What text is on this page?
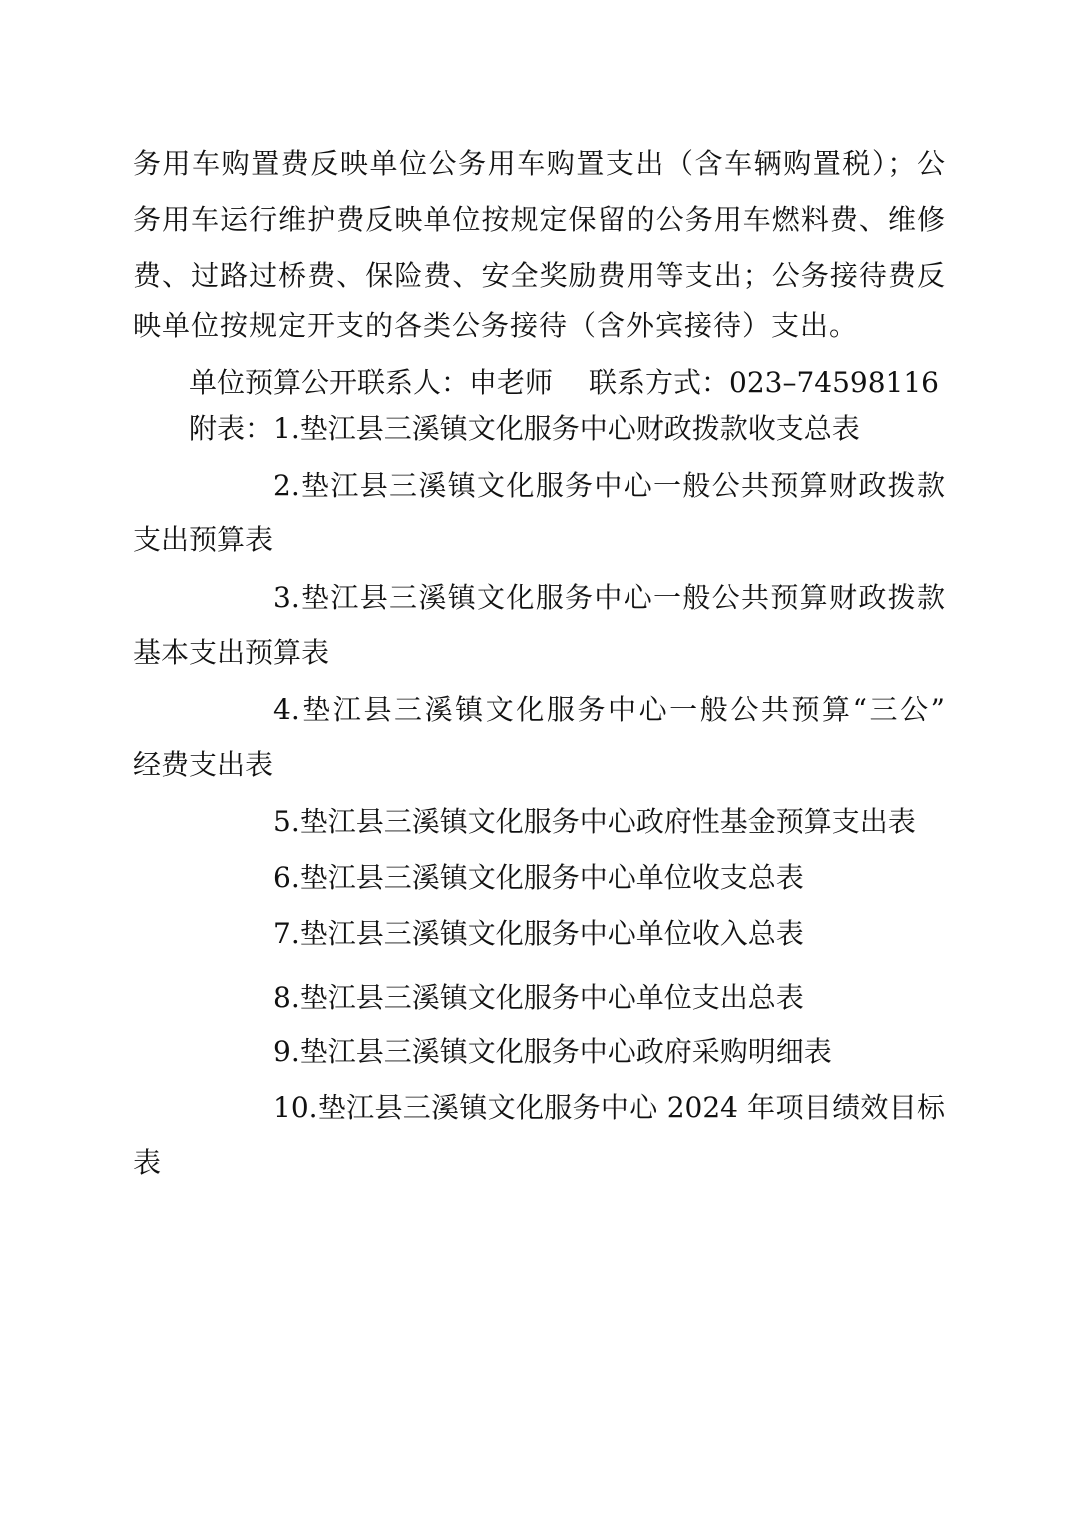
务用车购置费反映单位公务用车购置支出（含车辆购置税）；公
务用车运行维护费反映单位按规定保留的公务用车燃料费、维修
费、过路过桥费、保险费、安全奖励费用等支出；公务接待费反
映单位按规定开支的各类公务接待（含外宾接待）支出。
单位预算公开联系人：申老师 联系方式：023–74598116
附表：1.垫江县三溪镇文化服务中心财政拨款收支总表
2.垫江县三溪镇文化服务中心一般公共预算财政拨款
支出预算表
3.垫江县三溪镇文化服务中心一般公共预算财政拨款
基本支出预算表
4.垫江县三溪镇文化服务中心一般公共预算“三公”
经费支出表
5.垫江县三溪镇文化服务中心政府性基金预算支出表
6.垫江县三溪镇文化服务中心单位收支总表
7.垫江县三溪镇文化服务中心单位收入总表
8.垫江县三溪镇文化服务中心单位支出总表
9.垫江县三溪镇文化服务中心政府采购明细表
10.垫江县三溪镇文化服务中心 2024 年项目绩效目标
表
